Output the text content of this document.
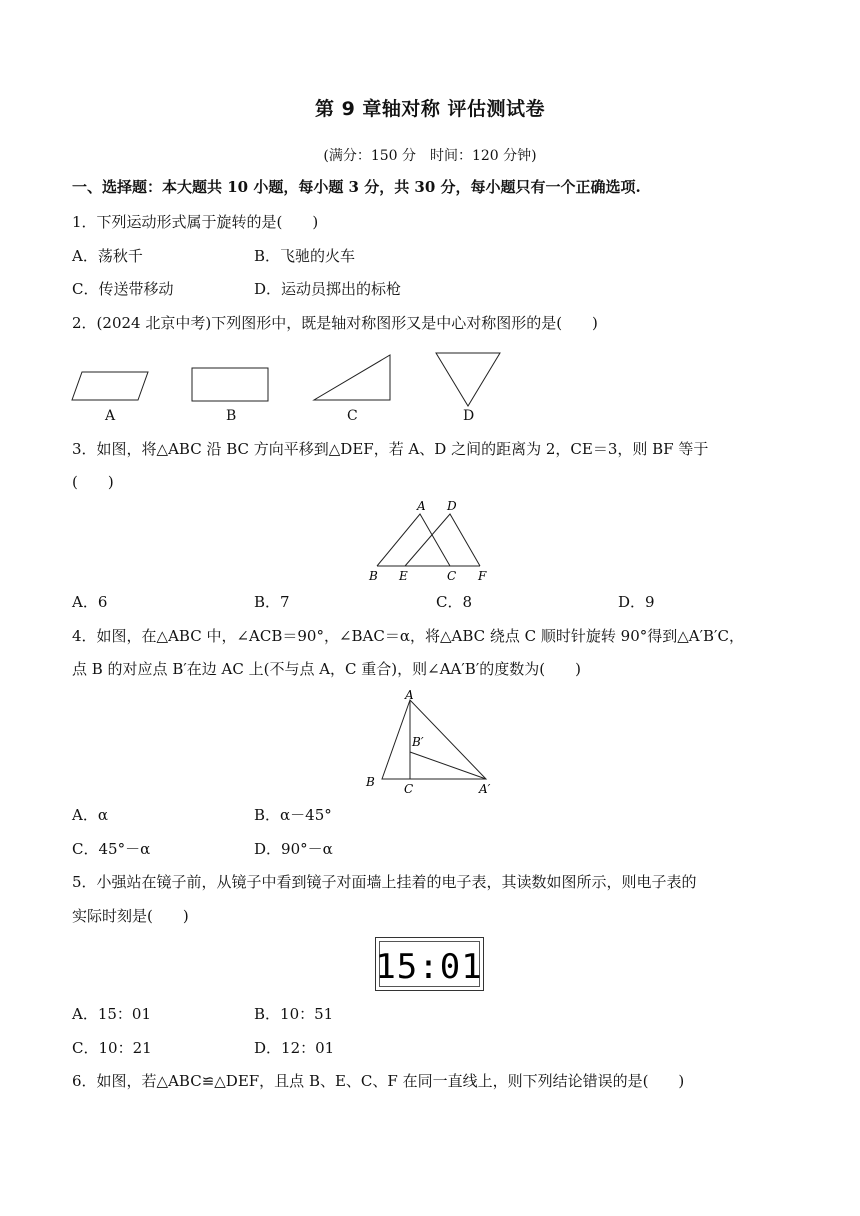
第 9 章轴对称 评估测试卷
(满分：150 分　时间：120 分钟)
一、选择题：本大题共 10 小题，每小题 3 分，共 30 分，每小题只有一个正确选项.
1．下列运动形式属于旋转的是(　　)
A．荡秋千	B．飞驰的火车
C．传送带移动	D．运动员掷出的标枪
2．(2024 北京中考)下列图形中，既是轴对称图形又是中心对称图形的是(　　)
A	B	C	D
3．如图，将△ABC 沿 BC 方向平移到△DEF，若 A、D 之间的距离为 2，CE＝3，则 BF 等于
(　　)
A D
B E	C F
A．6	B．7	C．8	D．9
4．如图，在△ABC 中，∠ACB＝90°，∠BAC＝α，将△ABC 绕点 C 顺时针旋转 90°得到△A′B′C，
点 B 的对应点 B′在边 AC 上(不与点 A，C 重合)，则∠AA′B′的度数为(　　)
A
B′
B C	A′
A．α	B．α－45°
C．45°－α	D．90°－α
5．小强站在镜子前，从镜子中看到镜子对面墙上挂着的电子表，其读数如图所示，则电子表的
实际时刻是(　　)
15:01
A．15：01	B．10：51
C．10：21	D．12：01
6．如图，若△ABC≌△DEF，且点 B、E、C、F 在同一直线上，则下列结论错误的是(　　)
